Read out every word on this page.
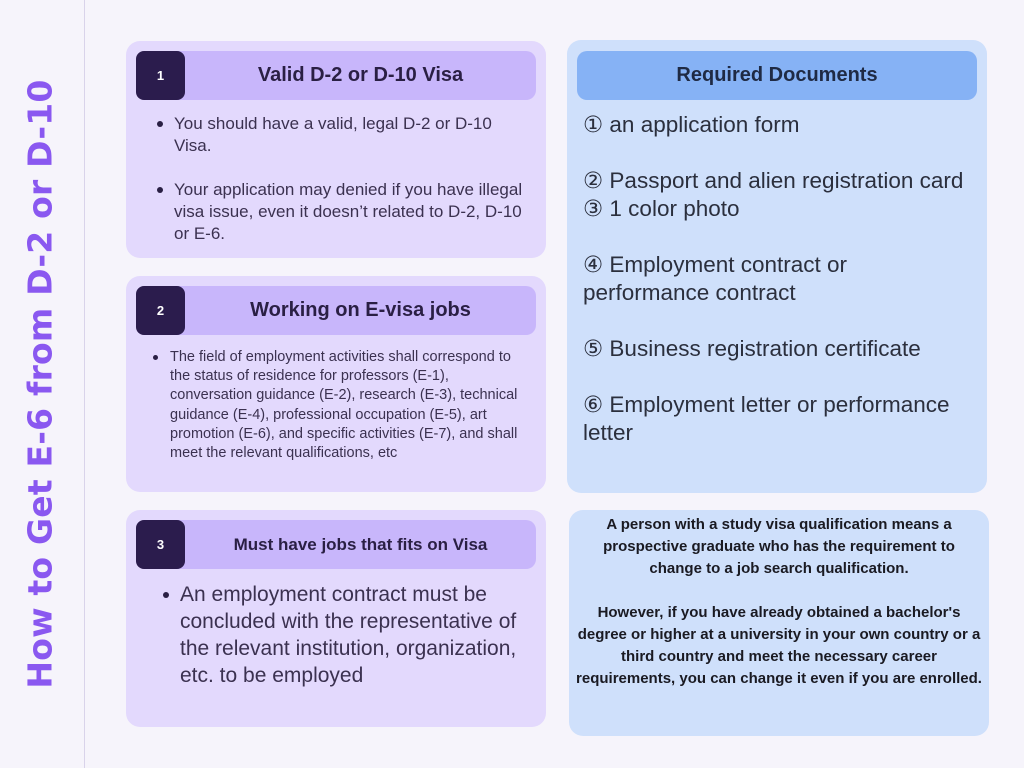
How to Get E-6 from D-2 or D-10
1	Valid D-2 or D-10 Visa
You should have a valid, legal D-2 or D-10 Visa.
Your application may denied if you have illegal visa issue, even it doesn’t related to D-2, D-10 or E-6.
2	Working on E-visa jobs
The field of employment activities shall correspond to the status of residence for professors (E-1), conversation guidance (E-2), research (E-3), technical guidance (E-4), professional occupation (E-5), art promotion (E-6), and specific activities (E-7), and shall meet the relevant qualifications, etc
3	Must have jobs that fits on Visa
An employment contract must be concluded with the representative of the relevant institution, organization, etc. to be employed
Required Documents

① an application form

② Passport and alien registration card

③ 1 color photo

④ Employment contract or performance contract

⑤ Business registration certificate

⑥ Employment letter or performance letter

A person with a study visa qualification means a prospective graduate who has the requirement to change to a job search qualification.

However, if you have already obtained a bachelor's degree or higher at a university in your own country or a third country and meet the necessary career requirements, you can change it even if you are enrolled.
